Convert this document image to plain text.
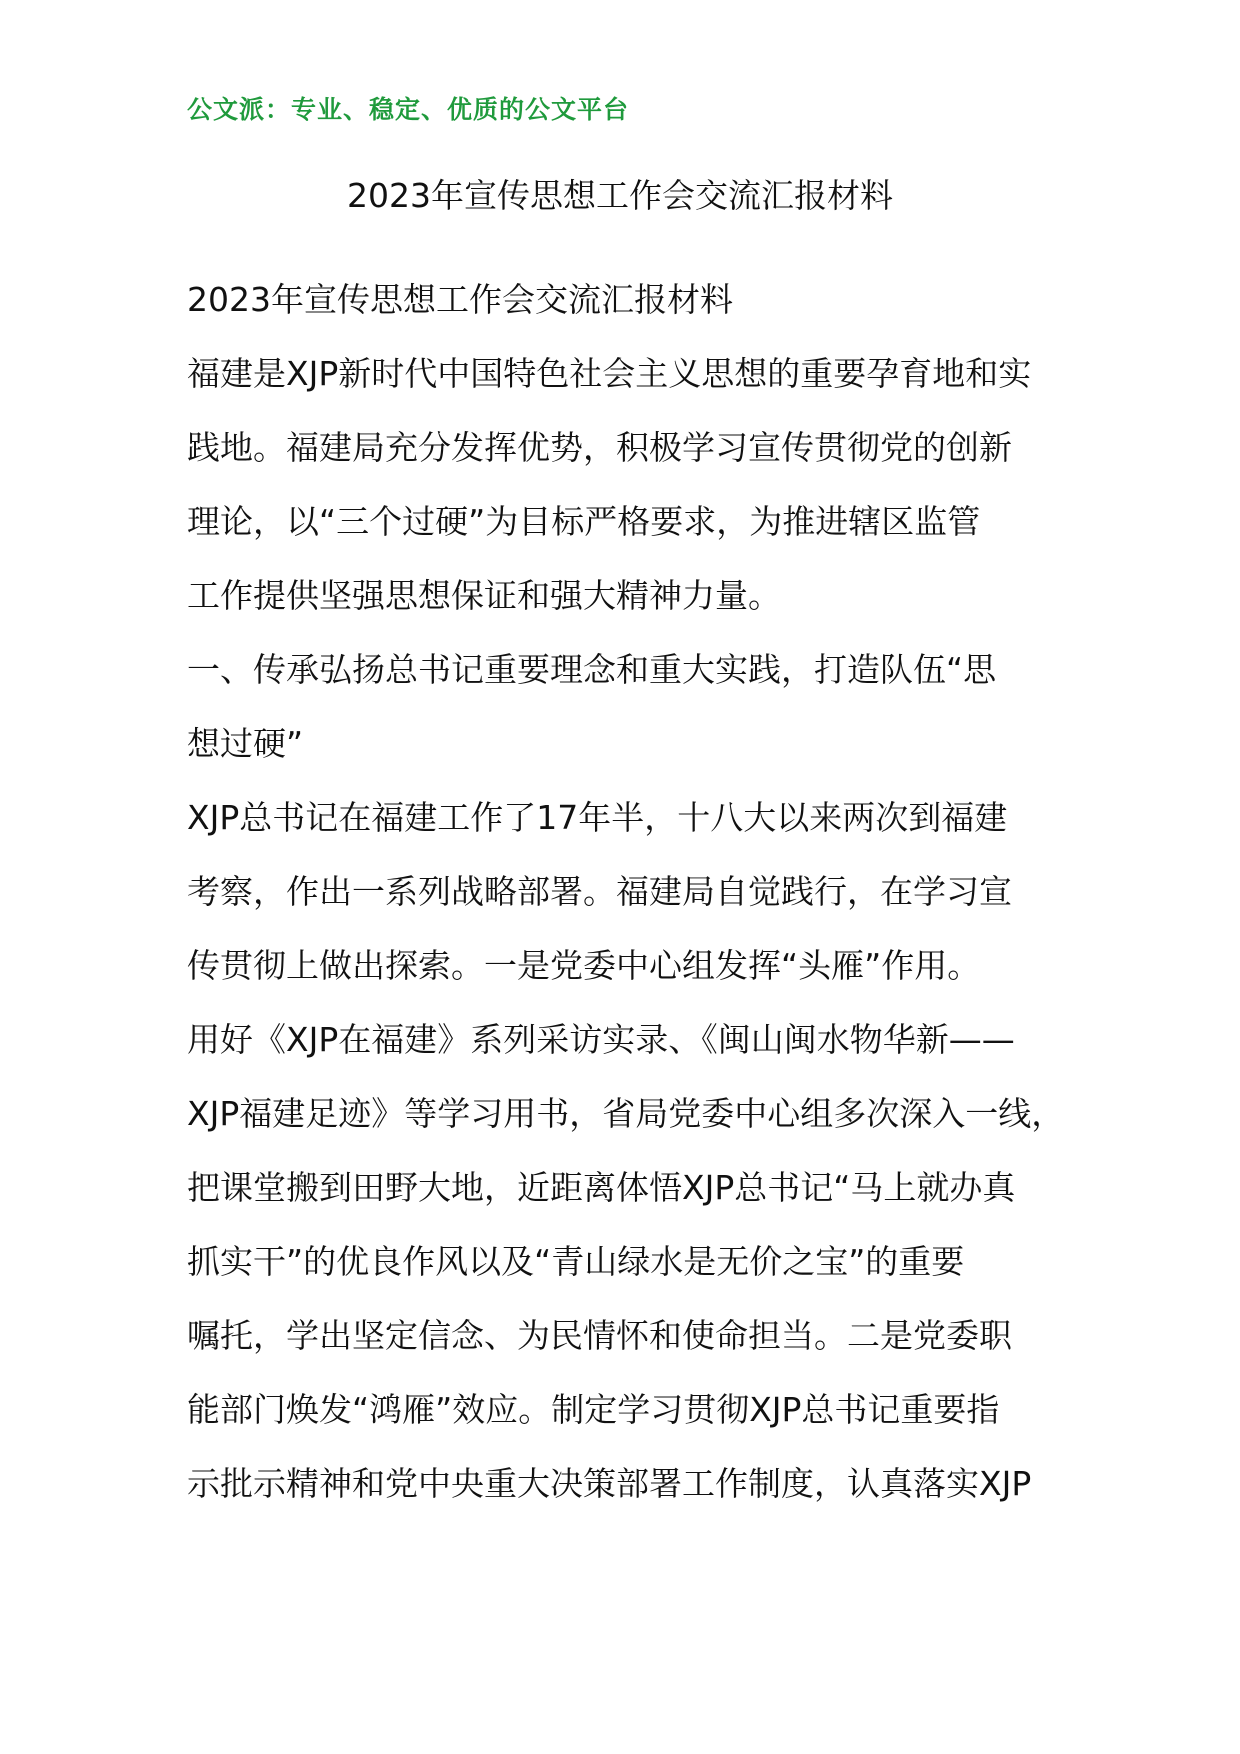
公文派：专业、稳定、优质的公文平台
2023年宣传思想工作会交流汇报材料

2023年宣传思想工作会交流汇报材料

福建是XJP新时代中国特色社会主义思想的重要孕育地和实
践地。福建局充分发挥优势，积极学习宣传贯彻党的创新
理论，以“三个过硬”为目标严格要求，为推进辖区监管
工作提供坚强思想保证和强大精神力量。

一、传承弘扬总书记重要理念和重大实践，打造队伍“思
想过硬”

XJP总书记在福建工作了17年半，十八大以来两次到福建
考察，作出一系列战略部署。福建局自觉践行，在学习宣
传贯彻上做出探索。一是党委中心组发挥“头雁”作用。
用好《XJP在福建》系列采访实录、《闽山闽水物华新——
XJP福建足迹》等学习用书，省局党委中心组多次深入一线，
把课堂搬到田野大地，近距离体悟XJP总书记“马上就办真
抓实干”的优良作风以及“青山绿水是无价之宝”的重要
嘱托，学出坚定信念、为民情怀和使命担当。二是党委职
能部门焕发“鸿雁”效应。制定学习贯彻XJP总书记重要指
示批示精神和党中央重大决策部署工作制度，认真落实XJP
